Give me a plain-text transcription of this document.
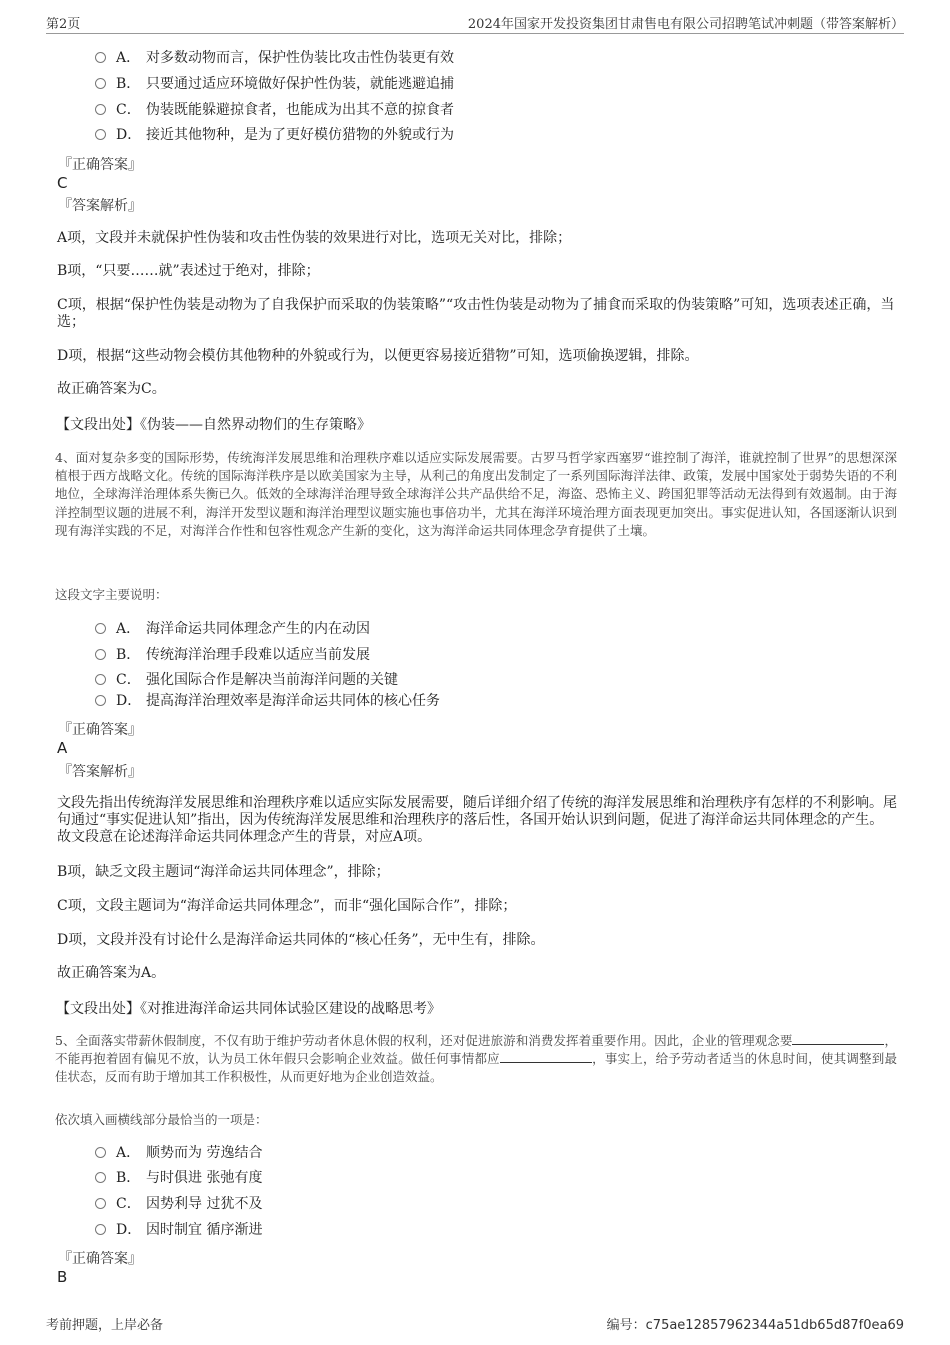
第2页	2024年国家开发投资集团甘肃售电有限公司招聘笔试冲刺题（带答案解析）
A． 对多数动物而言，保护性伪装比攻击性伪装更有效
B． 只要通过适应环境做好保护性伪装，就能逃避追捕
C． 伪装既能躲避掠食者，也能成为出其不意的掠食者
D． 接近其他物种，是为了更好模仿猎物的外貌或行为
『正确答案』
C
『答案解析』
A项，文段并未就保护性伪装和攻击性伪装的效果进行对比，选项无关对比，排除；
B项，“只要……就”表述过于绝对，排除；
C项，根据“保护性伪装是动物为了自我保护而采取的伪装策略”“攻击性伪装是动物为了捕食而采取的伪装策略”可知，选项表述正确，当选；
D项，根据“这些动物会模仿其他物种的外貌或行为，以便更容易接近猎物”可知，选项偷换逻辑，排除。
故正确答案为C。
【文段出处】《伪装——自然界动物们的生存策略》
4、面对复杂多变的国际形势，传统海洋发展思维和治理秩序难以适应实际发展需要。古罗马哲学家西塞罗“谁控制了海洋，谁就控制了世界”的思想深深植根于西方战略文化。传统的国际海洋秩序是以欧美国家为主导，从利己的角度出发制定了一系列国际海洋法律、政策，发展中国家处于弱势失语的不利地位，全球海洋治理体系失衡已久。低效的全球海洋治理导致全球海洋公共产品供给不足，海盗、恐怖主义、跨国犯罪等活动无法得到有效遏制。由于海洋控制型议题的进展不利，海洋开发型议题和海洋治理型议题实施也事倍功半，尤其在海洋环境治理方面表现更加突出。事实促进认知，各国逐渐认识到现有海洋实践的不足，对海洋合作性和包容性观念产生新的变化，这为海洋命运共同体理念孕育提供了土壤。
这段文字主要说明：
A． 海洋命运共同体理念产生的内在动因
B． 传统海洋治理手段难以适应当前发展
C． 强化国际合作是解决当前海洋问题的关键
D． 提高海洋治理效率是海洋命运共同体的核心任务
『正确答案』
A
『答案解析』
文段先指出传统海洋发展思维和治理秩序难以适应实际发展需要，随后详细介绍了传统的海洋发展思维和治理秩序有怎样的不利影响。尾句通过“事实促进认知”指出，因为传统海洋发展思维和治理秩序的落后性，各国开始认识到问题，促进了海洋命运共同体理念的产生。故文段意在论述海洋命运共同体理念产生的背景，对应A项。
B项，缺乏文段主题词“海洋命运共同体理念”，排除；
C项，文段主题词为“海洋命运共同体理念”，而非“强化国际合作”，排除；
D项，文段并没有讨论什么是海洋命运共同体的“核心任务”，无中生有，排除。
故正确答案为A。
【文段出处】《对推进海洋命运共同体试验区建设的战略思考》
5、全面落实带薪休假制度，不仅有助于维护劳动者休息休假的权利，还对促进旅游和消费发挥着重要作用。因此，企业的管理观念要	，不能再抱着固有偏见不放，认为员工休年假只会影响企业效益。做任何事情都应	，事实上，给予劳动者适当的休息时间，使其调整到最佳状态，反而有助于增加其工作积极性，从而更好地为企业创造效益。
依次填入画横线部分最恰当的一项是：
A． 顺势而为 劳逸结合
B． 与时俱进 张弛有度
C． 因势利导 过犹不及
D． 因时制宜 循序渐进
『正确答案』
B
考前押题，上岸必备	编号：c75ae12857962344a51db65d87f0ea69
